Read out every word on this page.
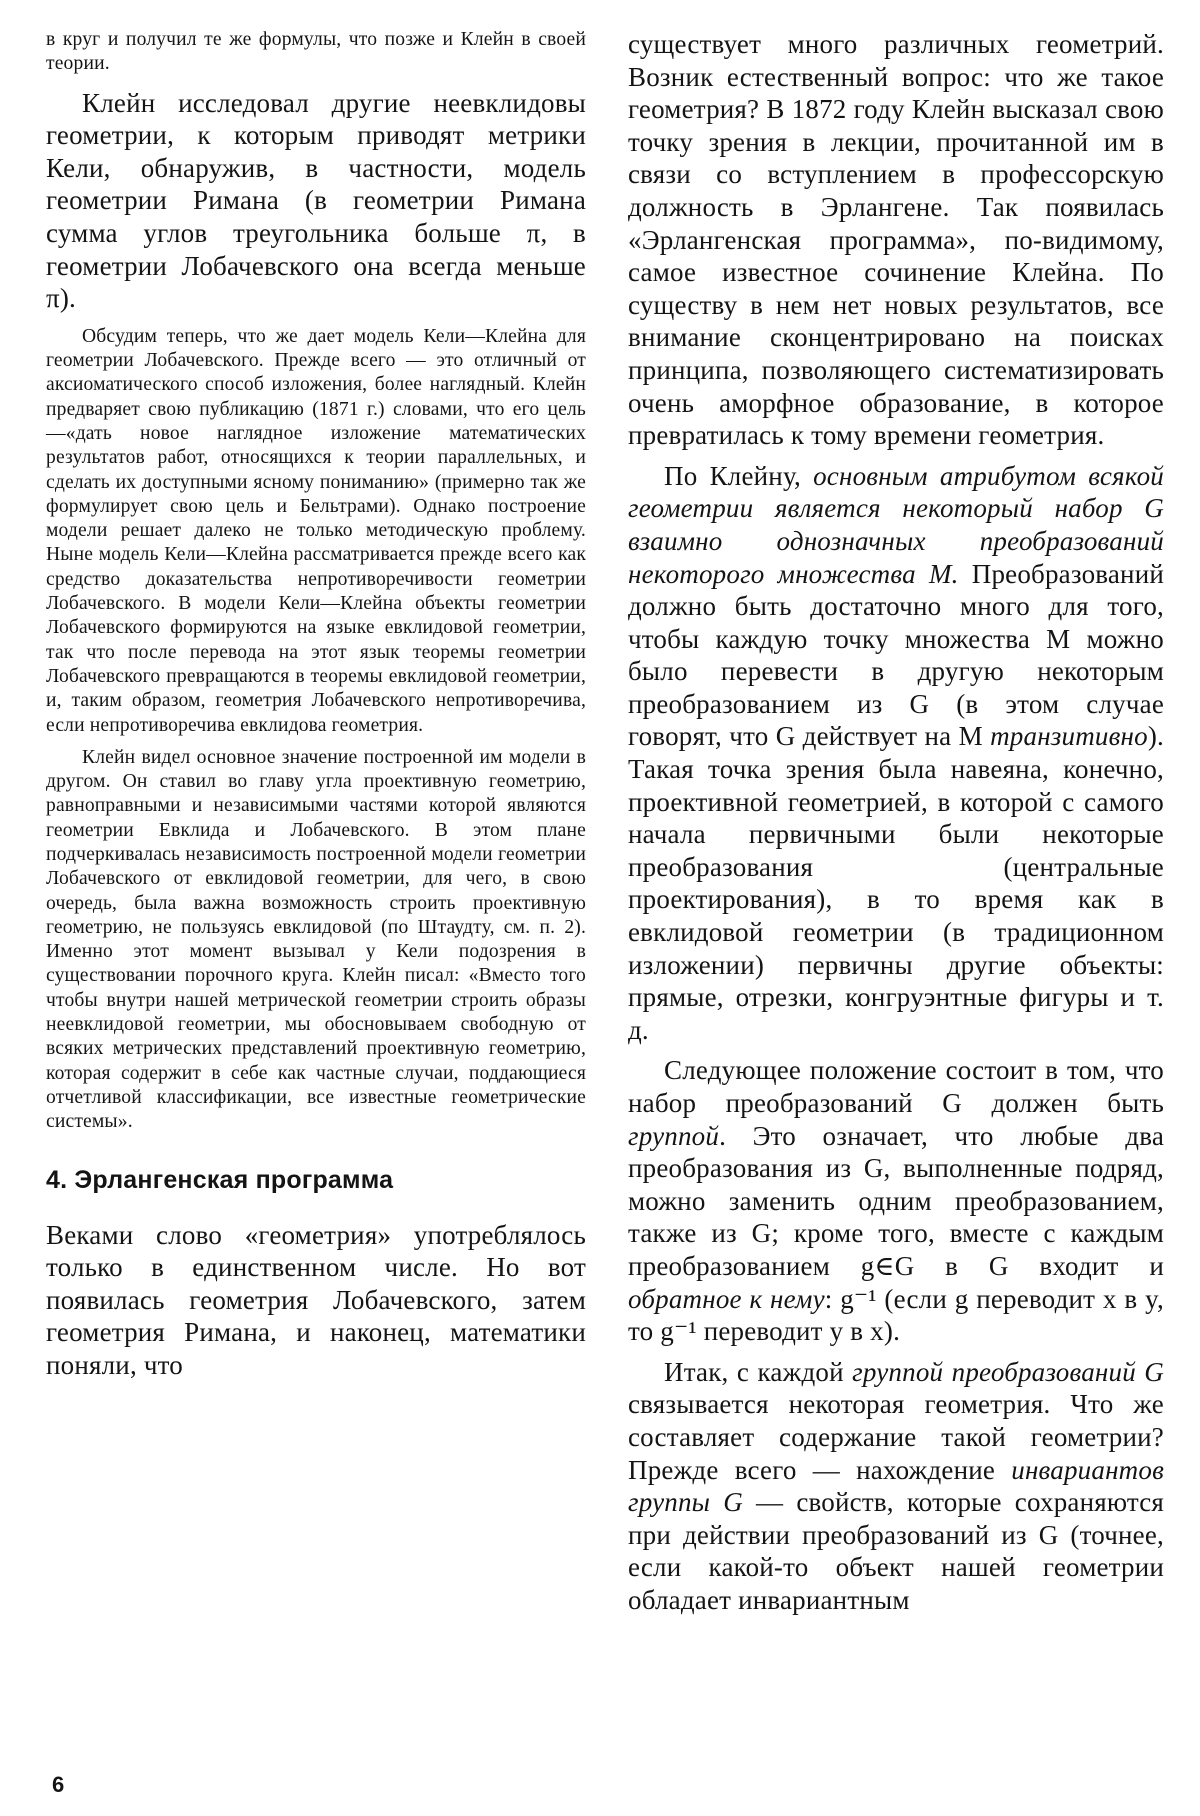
в круг и получил те же формулы, что позже и Клейн в своей теории.

Клейн исследовал другие неевклидовы геометрии, к которым приводят метрики Кели, обнаружив, в частности, модель геометрии Римана (в геометрии Римана сумма углов треугольника больше π, в геометрии Лобачевского она всегда меньше π).

Обсудим теперь, что же дает модель Кели—Клейна для геометрии Лобачевского. Прежде всего — это отличный от аксиоматического способ изложения, более наглядный. Клейн предваряет свою публикацию (1871 г.) словами, что его цель —«дать новое наглядное изложение математических результатов работ, относящихся к теории параллельных, и сделать их доступными ясному пониманию» (примерно так же формулирует свою цель и Бельтрами). Однако построение модели решает далеко не только методическую проблему. Ныне модель Кели—Клейна рассматривается прежде всего как средство доказательства непротиворечивости геометрии Лобачевского. В модели Кели—Клейна объекты геометрии Лобачевского формируются на языке евклидовой геометрии, так что после перевода на этот язык теоремы геометрии Лобачевского превращаются в теоремы евклидовой геометрии, и, таким образом, геометрия Лобачевского непротиворечива, если непротиворечива евклидова геометрия.

Клейн видел основное значение построенной им модели в другом. Он ставил во главу угла проективную геометрию, равноправными и независимыми частями которой являются геометрии Евклида и Лобачевского. В этом плане подчеркивалась независимость построенной модели геометрии Лобачевского от евклидовой геометрии, для чего, в свою очередь, была важна возможность строить проективную геометрию, не пользуясь евклидовой (по Штаудту, см. п. 2). Именно этот момент вызывал у Кели подозрения в существовании порочного круга. Клейн писал: «Вместо того чтобы внутри нашей метрической геометрии строить образы неевклидовой геометрии, мы обосновываем свободную от всяких метрических представлений проективную геометрию, которая содержит в себе как частные случаи, поддающиеся отчетливой классификации, все известные геометрические системы».

4. Эрлангенская программа

Веками слово «геометрия» употреблялось только в единственном числе. Но вот появилась геометрия Лобачевского, затем геометрия Римана, и наконец, математики поняли, что

существует много различных геометрий. Возник естественный вопрос: что же такое геометрия? В 1872 году Клейн высказал свою точку зрения в лекции, прочитанной им в связи со вступлением в профессорскую должность в Эрлангене. Так появилась «Эрлангенская программа», по-видимому, самое известное сочинение Клейна. По существу в нем нет новых результатов, все внимание сконцентрировано на поисках принципа, позволяющего систематизировать очень аморфное образование, в которое превратилась к тому времени геометрия.

По Клейну, основным атрибутом всякой геометрии является некоторый набор G взаимно однозначных преобразований некоторого множества M. Преобразований должно быть достаточно много для того, чтобы каждую точку множества M можно было перевести в другую некоторым преобразованием из G (в этом случае говорят, что G действует на M транзитивно). Такая точка зрения была навеяна, конечно, проективной геометрией, в которой с самого начала первичными были некоторые преобразования (центральные проектирования), в то время как в евклидовой геометрии (в традиционном изложении) первичны другие объекты: прямые, отрезки, конгруэнтные фигуры и т. д.

Следующее положение состоит в том, что набор преобразований G должен быть группой. Это означает, что любые два преобразования из G, выполненные подряд, можно заменить одним преобразованием, также из G; кроме того, вместе с каждым преобразованием g∈G в G входит и обратное к нему: g⁻¹ (если g переводит x в y, то g⁻¹ переводит y в x).

Итак, с каждой группой преобразований G связывается некоторая геометрия. Что же составляет содержание такой геометрии? Прежде всего — нахождение инвариантов группы G — свойств, которые сохраняются при действии преобразований из G (точнее, если какой-то объект нашей геометрии обладает инвариантным

6
